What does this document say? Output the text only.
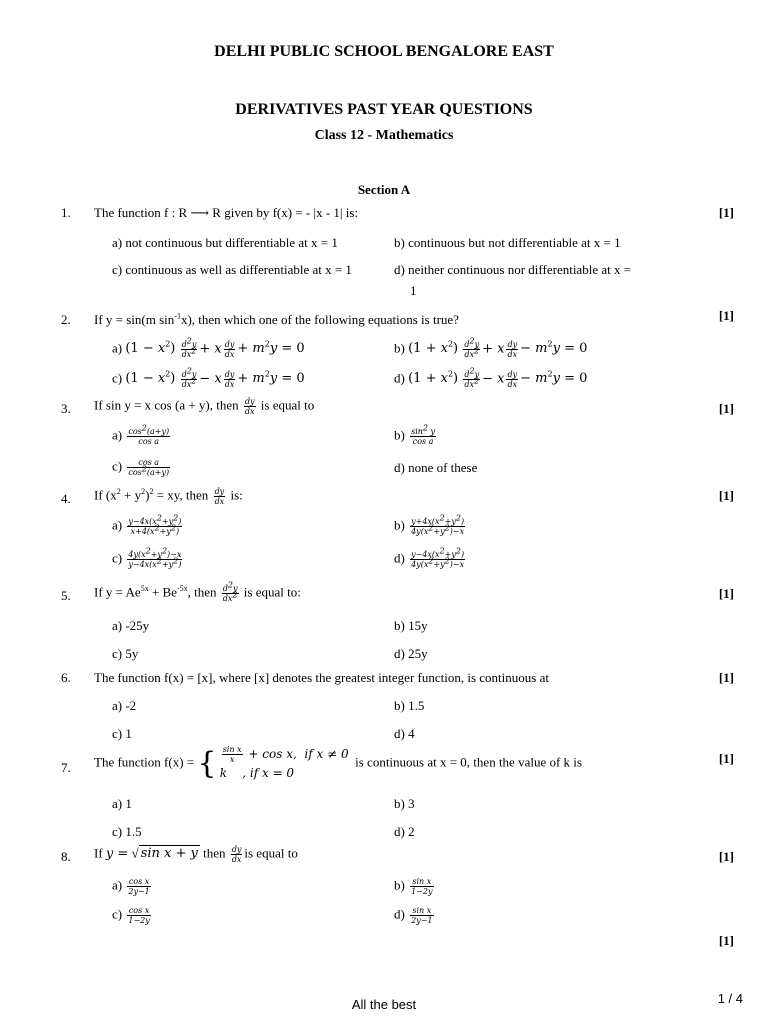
DELHI PUBLIC SCHOOL BENGALORE EAST
DERIVATIVES PAST YEAR QUESTIONS
Class 12 - Mathematics
Section A
1. The function f : R ⟶ R given by f(x) = - |x - 1| is:	[1]
a) not continuous but differentiable at x = 1	b) continuous but not differentiable at x = 1
c) continuous as well as differentiable at x = 1	d) neither continuous nor differentiable at x =
1
2. If y = sin(m $\sin^{-1}x$), then which one of the following equations is true?	[1]
a) $(1 - x^2) \frac{d^2y}{dx^2} + x \frac{dy}{dx} + m^2y = 0$	b) $(1 + x^2) \frac{d^2y}{dx^2} + x \frac{dy}{dx} - m^2y = 0$
c) $(1 - x^2) \frac{d^2y}{dx^2} - x \frac{dy}{dx} + m^2y = 0$	d) $(1 + x^2) \frac{d^2y}{dx^2} - x \frac{dy}{dx} - m^2y = 0$
3. If sin y = x cos (a + y), then $\frac{dy}{dx}$ is equal to	[1]
$a) \frac{\cos^2(a+y)}{\text{cos a}}$	$b) \frac{\sin^2 y}{\text{cos a}}$
$c) \frac{\text{cos a}}{\cos^2(a+y)}$	d) none of these
4. If $(x^2 + y^2)^2$ = xy, then $\frac{dy}{dx}$ is:	[1]
$a) \frac{y-4x(x^2+y^2)}{x+4(x^2+y^2)}$	$b) \frac{y+4x(x^2+y^2)}{4y(x^2+y^2)-x}$
$c) \frac{4y(x^2+y^2)-x}{y-4x(x^2+y^2)}$	$d) \frac{y-4x(x^2+y^2)}{4y(x^2+y^2)-x}$
5. If $y = Ae^{5x} + Be^{-5x}$, then $\frac{d^2y}{dx^2}$ is equal to:	[1]
a) -25y	b) 15y
c) 5y	d) 25y
6. The function f(x) = [x], where [x] denotes the greatest integer function, is continuous at	[1]
a) -2	b) 1.5
c) 1	d) 4
7. The function f(x) = { $\frac{\text{sin x}}{x} + \cos x$,  if x ≠ 0
k    , if x = 0
is continuous at x = 0, then the value of k is	[1]
a) 1	b) 3
c) 1.5	d) 2
8. If y = √ sin x + y then $\frac{dy}{dx}$ is equal to	[1]
$a) \frac{\text{cos x}}{2y-1}$	$b) \frac{\text{sin x}}{1-2y}$
$c) \frac{\text{cos x}}{1-2y}$	$d) \frac{\text{sin x}}{2y-1}$
[1]
All the best	1 / 4
